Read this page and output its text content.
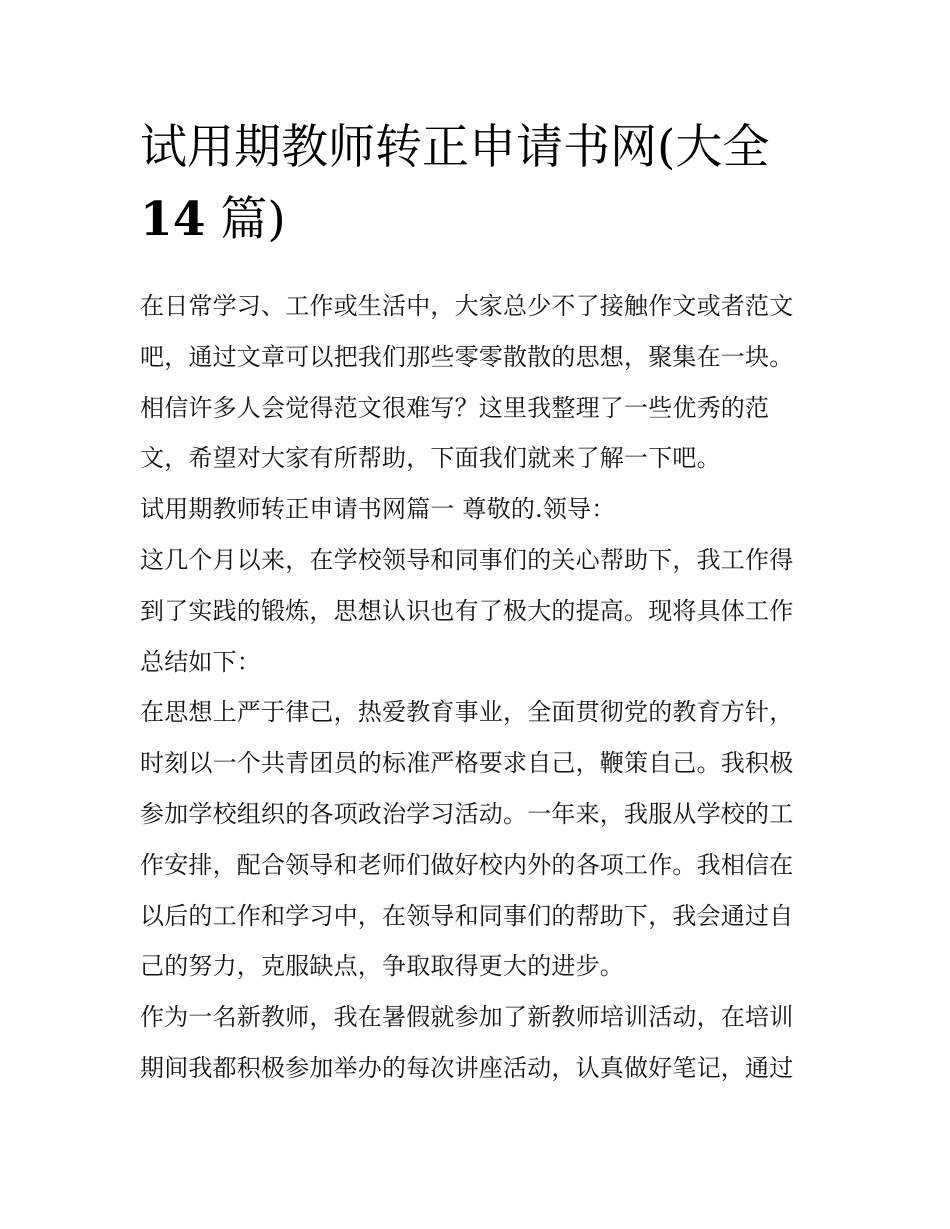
试用期教师转正申请书网(大全
14 篇)

在日常学习、工作或生活中，大家总少不了接触作文或者范文
吧，通过文章可以把我们那些零零散散的思想，聚集在一块。
相信许多人会觉得范文很难写？这里我整理了一些优秀的范
文，希望对大家有所帮助，下面我们就来了解一下吧。

试用期教师转正申请书网篇一 尊敬的.领导：

这几个月以来，在学校领导和同事们的关心帮助下，我工作得
到了实践的锻炼，思想认识也有了极大的提高。现将具体工作
总结如下：

在思想上严于律己，热爱教育事业，全面贯彻党的教育方针，
时刻以一个共青团员的标准严格要求自己，鞭策自己。我积极
参加学校组织的各项政治学习活动。一年来，我服从学校的工
作安排，配合领导和老师们做好校内外的各项工作。我相信在
以后的工作和学习中，在领导和同事们的帮助下，我会通过自
己的努力，克服缺点，争取取得更大的进步。

作为一名新教师，我在暑假就参加了新教师培训活动，在培训
期间我都积极参加举办的每次讲座活动，认真做好笔记，通过
